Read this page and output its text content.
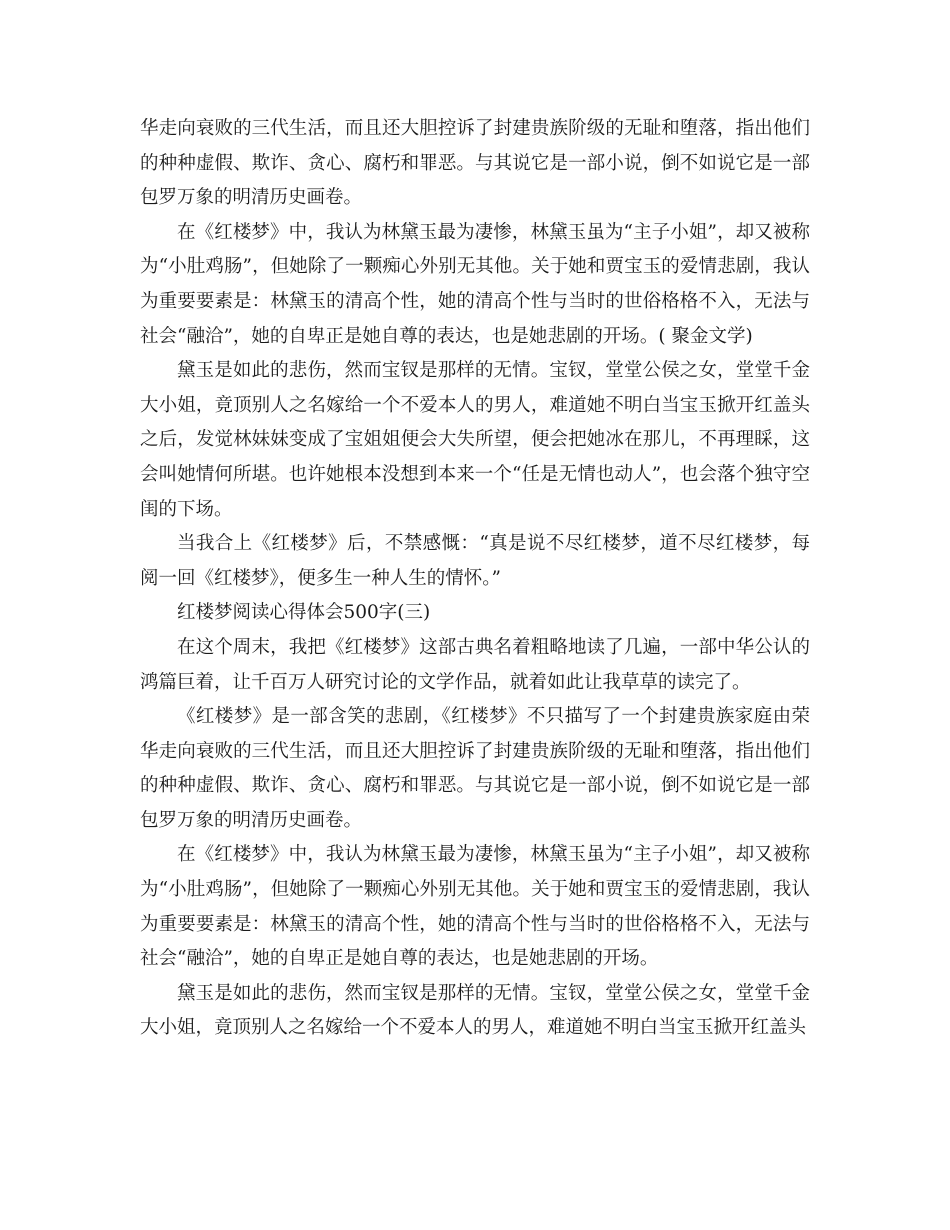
华走向衰败的三代生活，而且还大胆控诉了封建贵族阶级的无耻和堕落，指出他们的种种虚假、欺诈、贪心、腐朽和罪恶。与其说它是一部小说，倒不如说它是一部包罗万象的明清历史画卷。

在《红楼梦》中，我认为林黛玉最为凄惨，林黛玉虽为“主子小姐”，却又被称为“小肚鸡肠”，但她除了一颗痴心外别无其他。关于她和贾宝玉的爱情悲剧，我认为重要要素是：林黛玉的清高个性，她的清高个性与当时的世俗格格不入，无法与社会“融洽”，她的自卑正是她自尊的表达，也是她悲剧的开场。( 聚金文学)

黛玉是如此的悲伤，然而宝钗是那样的无情。宝钗，堂堂公侯之女，堂堂千金大小姐，竟顶别人之名嫁给一个不爱本人的男人，难道她不明白当宝玉掀开红盖头之后，发觉林妹妹变成了宝姐姐便会大失所望，便会把她冰在那儿，不再理睬，这会叫她情何所堪。也许她根本没想到本来一个“任是无情也动人”，也会落个独守空闺的下场。

当我合上《红楼梦》后，不禁感慨：“真是说不尽红楼梦，道不尽红楼梦，每阅一回《红楼梦》，便多生一种人生的情怀。”

红楼梦阅读心得体会500字(三)

在这个周末，我把《红楼梦》这部古典名着粗略地读了几遍，一部中华公认的鸿篇巨着，让千百万人研究讨论的文学作品，就着如此让我草草的读完了。

《红楼梦》是一部含笑的悲剧，《红楼梦》不只描写了一个封建贵族家庭由荣华走向衰败的三代生活，而且还大胆控诉了封建贵族阶级的无耻和堕落，指出他们的种种虚假、欺诈、贪心、腐朽和罪恶。与其说它是一部小说，倒不如说它是一部包罗万象的明清历史画卷。

在《红楼梦》中，我认为林黛玉最为凄惨，林黛玉虽为“主子小姐”，却又被称为“小肚鸡肠”，但她除了一颗痴心外别无其他。关于她和贾宝玉的爱情悲剧，我认为重要要素是：林黛玉的清高个性，她的清高个性与当时的世俗格格不入，无法与社会“融洽”，她的自卑正是她自尊的表达，也是她悲剧的开场。

黛玉是如此的悲伤，然而宝钗是那样的无情。宝钗，堂堂公侯之女，堂堂千金大小姐，竟顶别人之名嫁给一个不爱本人的男人，难道她不明白当宝玉掀开红盖头
